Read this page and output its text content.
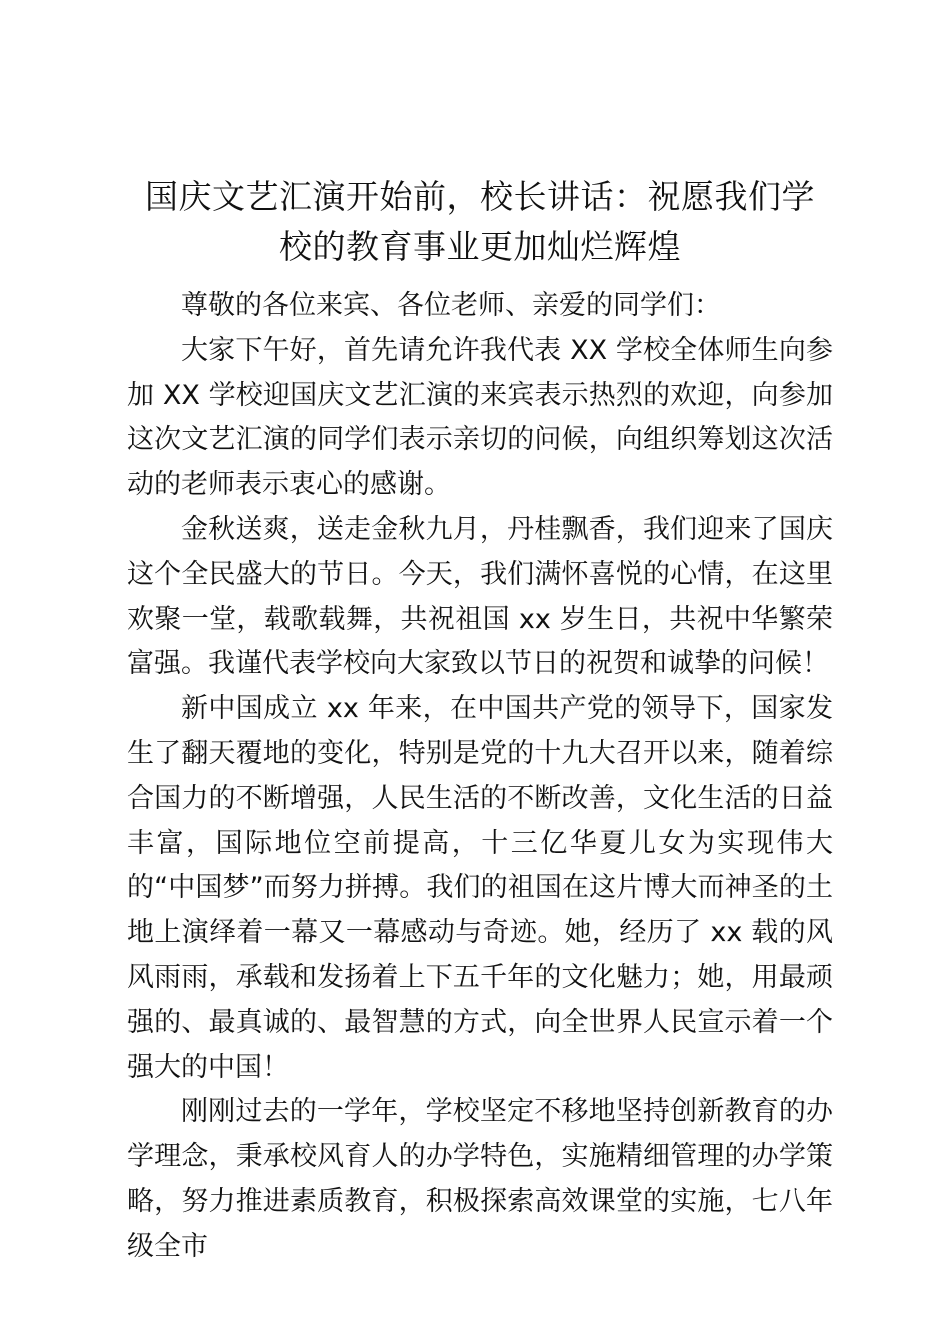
国庆文艺汇演开始前，校长讲话：祝愿我们学
校的教育事业更加灿烂辉煌

尊敬的各位来宾、各位老师、亲爱的同学们：

大家下午好，首先请允许我代表 XX 学校全体师生向参加 XX 学校迎国庆文艺汇演的来宾表示热烈的欢迎，向参加这次文艺汇演的同学们表示亲切的问候，向组织筹划这次活动的老师表示衷心的感谢。

金秋送爽，送走金秋九月，丹桂飘香，我们迎来了国庆这个全民盛大的节日。今天，我们满怀喜悦的心情，在这里欢聚一堂，载歌载舞，共祝祖国 xx 岁生日，共祝中华繁荣富强。我谨代表学校向大家致以节日的祝贺和诚挚的问候！

新中国成立 xx 年来，在中国共产党的领导下，国家发生了翻天覆地的变化，特别是党的十九大召开以来，随着综合国力的不断增强，人民生活的不断改善，文化生活的日益丰富，国际地位空前提高，十三亿华夏儿女为实现伟大的“中国梦”而努力拼搏。我们的祖国在这片博大而神圣的土地上演绎着一幕又一幕感动与奇迹。她，经历了 xx 载的风风雨雨，承载和发扬着上下五千年的文化魅力；她，用最顽强的、最真诚的、最智慧的方式，向全世界人民宣示着一个强大的中国！

刚刚过去的一学年，学校坚定不移地坚持创新教育的办学理念，秉承校风育人的办学特色，实施精细管理的办学策略，努力推进素质教育，积极探索高效课堂的实施，七八年级全市
